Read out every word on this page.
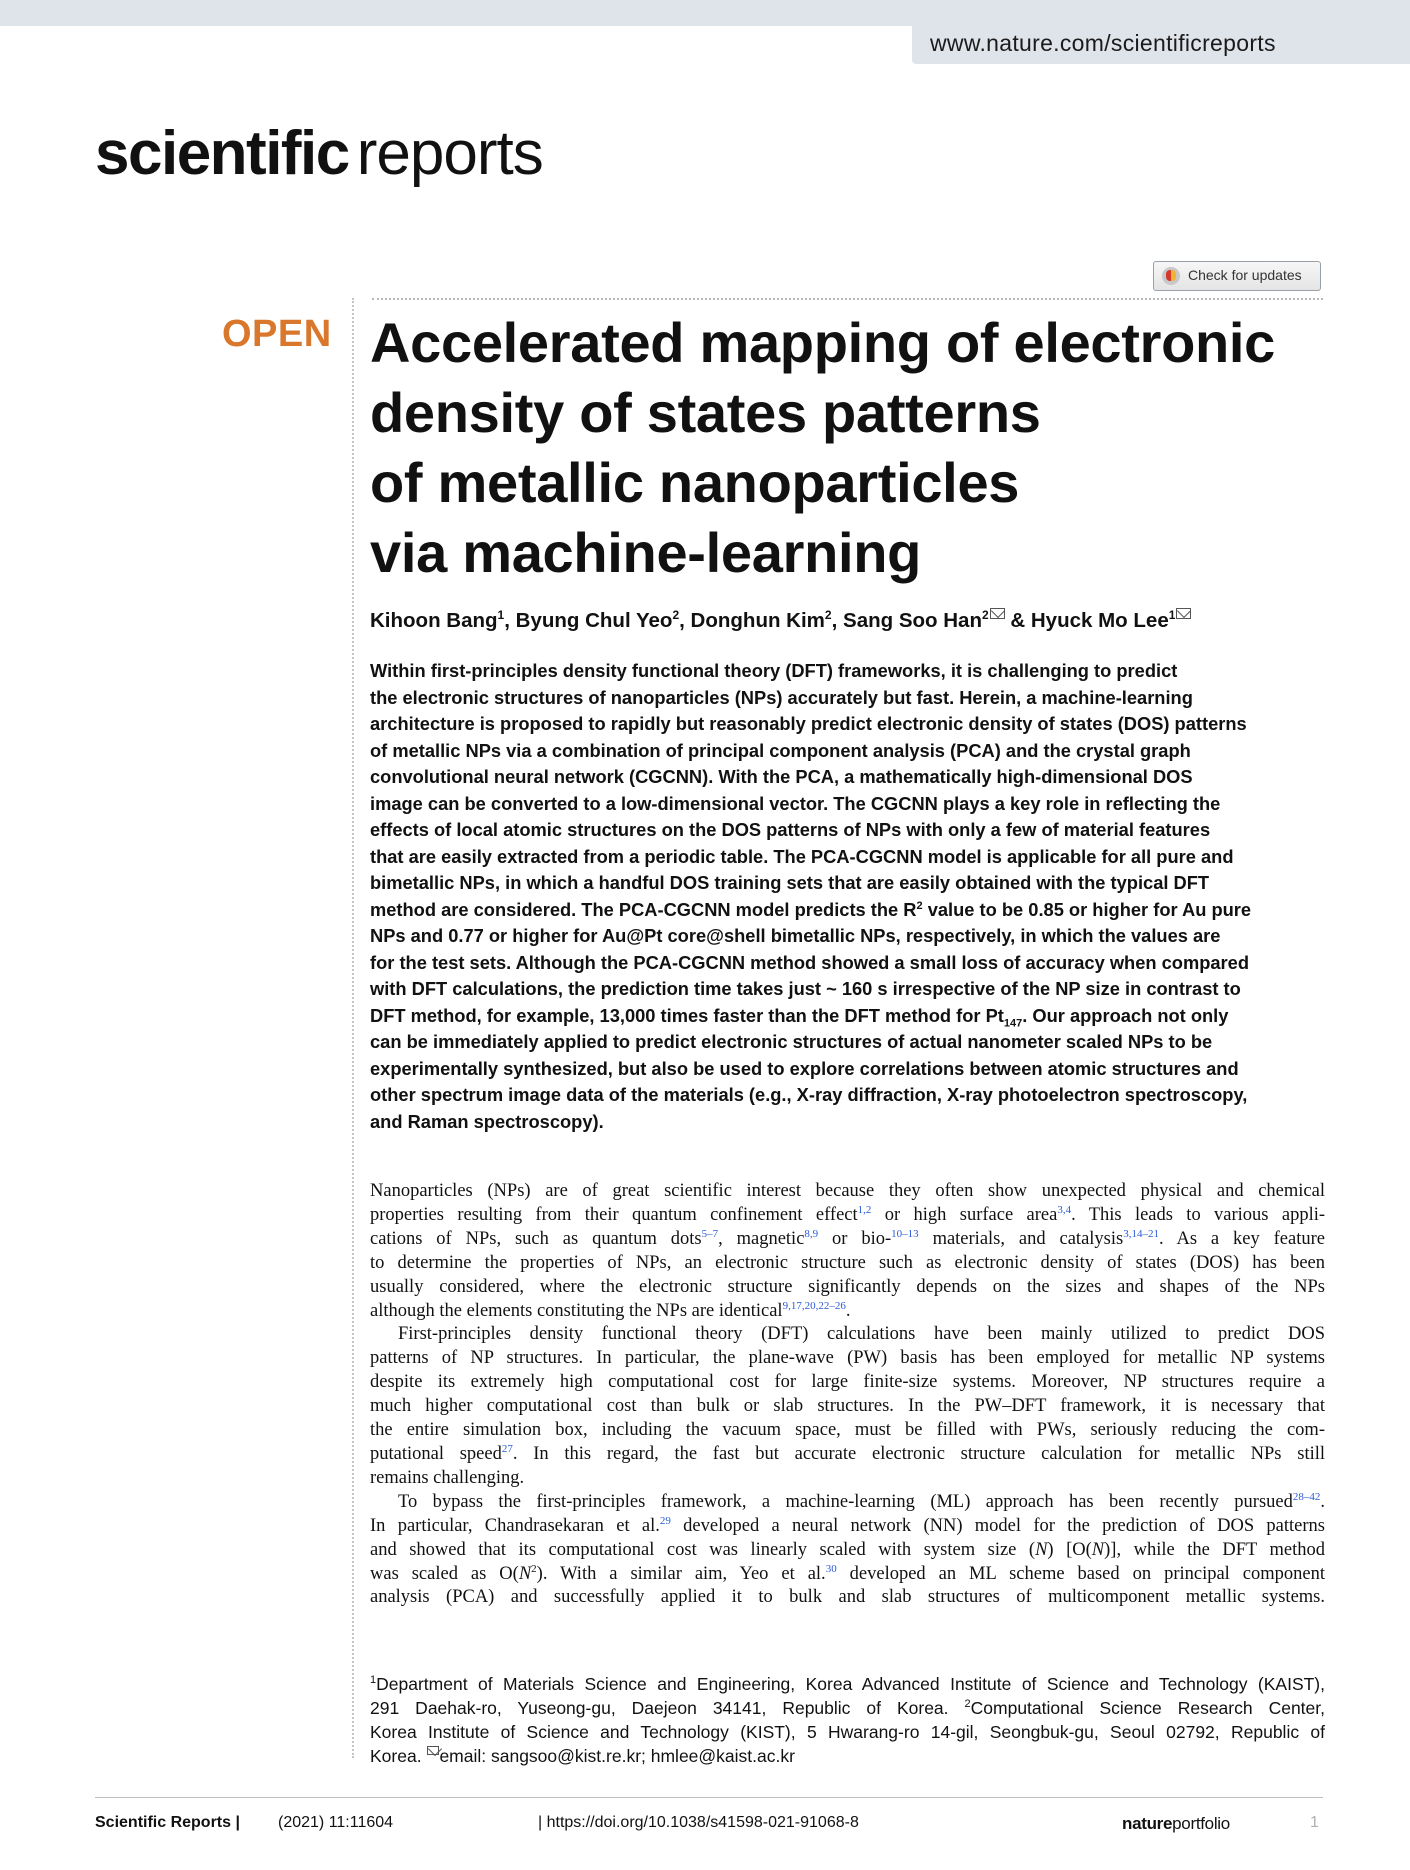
www.nature.com/scientificreports
scientific reports
Check for updates
OPEN Accelerated mapping of electronic
density of states patterns
of metallic nanoparticles
via machine-learning
Kihoon Bang$^1$, Byung Chul Yeo$^2$, Donghun Kim$^2$, Sang Soo Han$^2$ & Hyuck Mo Lee$^1$
Within first-principles density functional theory (DFT) frameworks, it is challenging to predict
the electronic structures of nanoparticles (NPs) accurately but fast. Herein, a machine-learning
architecture is proposed to rapidly but reasonably predict electronic density of states (DOS) patterns
of metallic NPs via a combination of principal component analysis (PCA) and the crystal graph
convolutional neural network (CGCNN). With the PCA, a mathematically high-dimensional DOS
image can be converted to a low-dimensional vector. The CGCNN plays a key role in reflecting the
effects of local atomic structures on the DOS patterns of NPs with only a few of material features
that are easily extracted from a periodic table. The PCA-CGCNN model is applicable for all pure and
bimetallic NPs, in which a handful DOS training sets that are easily obtained with the typical DFT
method are considered. The PCA-CGCNN model predicts the $R^2$ value to be 0.85 or higher for Au pure
NPs and 0.77 or higher for Au@Pt core@shell bimetallic NPs, respectively, in which the values are
for the test sets. Although the PCA-CGCNN method showed a small loss of accuracy when compared
with DFT calculations, the prediction time takes just ~ 160 s irrespective of the NP size in contrast to
DFT method, for example, 13,000 times faster than the DFT method for $Pt_{147}$. Our approach not only
can be immediately applied to predict electronic structures of actual nanometer scaled NPs to be
experimentally synthesized, but also be used to explore correlations between atomic structures and
other spectrum image data of the materials (e.g., X-ray diffraction, X-ray photoelectron spectroscopy,
and Raman spectroscopy).
Nanoparticles (NPs) are of great scientific interest because they often show unexpected physical and chemical
properties resulting from their quantum confinement effect$^{1,2}$ or high surface area$^{3,4}$. This leads to various appli-
cations of NPs, such as quantum dots$^{5-7}$, magnetic$^{8,9}$ or bio-$^{10-13}$ materials, and catalysis$^{3,14-21}$. As a key feature
to determine the properties of NPs, an electronic structure such as electronic density of states (DOS) has been
usually considered, where the electronic structure significantly depends on the sizes and shapes of the NPs
although the elements constituting the NPs are identical$^{9,17,20,22-26}$.
First-principles density functional theory (DFT) calculations have been mainly utilized to predict DOS
patterns of NP structures. In particular, the plane-wave (PW) basis has been employed for metallic NP systems
despite its extremely high computational cost for large finite-size systems. Moreover, NP structures require a
much higher computational cost than bulk or slab structures. In the PW–DFT framework, it is necessary that
the entire simulation box, including the vacuum space, must be filled with PWs, seriously reducing the com-
putational speed$^{27}$. In this regard, the fast but accurate electronic structure calculation for metallic NPs still
remains challenging.
To bypass the first-principles framework, a machine-learning (ML) approach has been recently pursued$^{28-42}$.
In particular, Chandrasekaran et al.$^{29}$ developed a neural network (NN) model for the prediction of DOS patterns
and showed that its computational cost was linearly scaled with system size (N) [O(N)], while the DFT method
was scaled as $O(N^2)$. With a similar aim, Yeo et al.$^{30}$ developed an ML scheme based on principal component
analysis (PCA) and successfully applied it to bulk and slab structures of multicomponent metallic systems.
$^1$Department of Materials Science and Engineering, Korea Advanced Institute of Science and Technology (KAIST),
291 Daehak-ro, Yuseong-gu, Daejeon 34141, Republic of Korea. $^2$Computational Science Research Center,
Korea Institute of Science and Technology (KIST), 5 Hwarang-ro 14-gil, Seongbuk-gu, Seoul 02792, Republic of
Korea. email: sangsoo@kist.re.kr; hmlee@kaist.ac.kr
Scientific Reports | (2021) 11:11604	| https://doi.org/10.1038/s41598-021-91068-8	natureportfolio	1
